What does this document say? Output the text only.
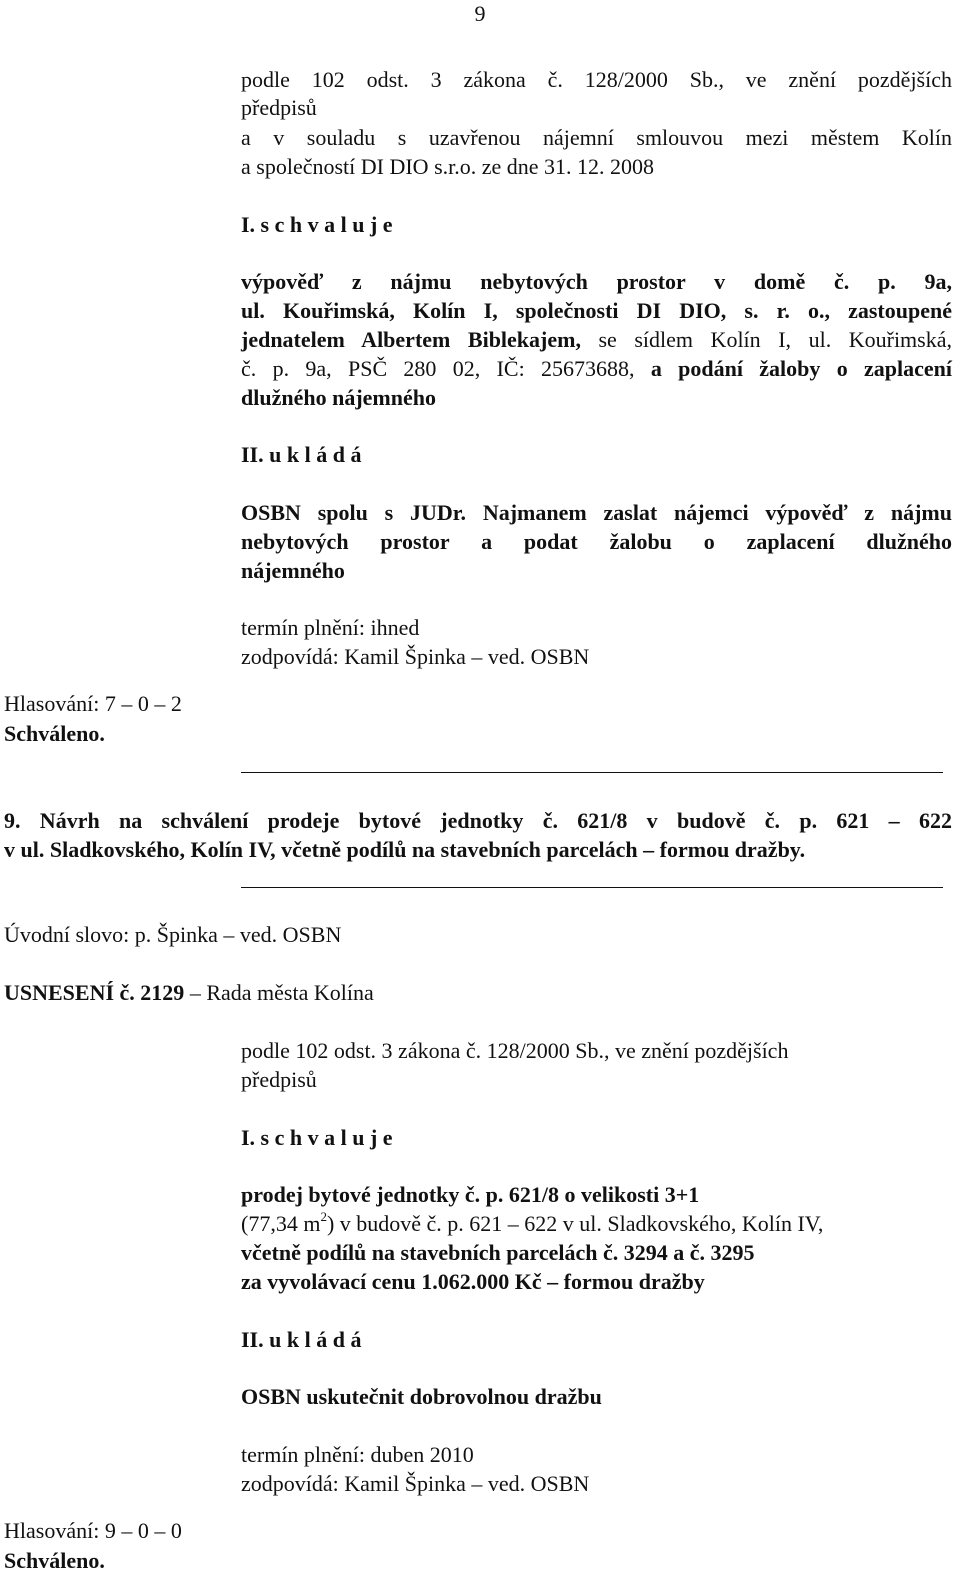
9
podle 102 odst. 3 zákona č. 128/2000 Sb., ve znění pozdějších
předpisů
a v souladu s uzavřenou nájemní smlouvou mezi městem Kolín
a společností DI DIO s.r.o. ze dne 31. 12. 2008
I. s c h v a l u j e
výpověď z nájmu nebytových prostor v domě č. p. 9a,
ul. Kouřimská, Kolín I, společnosti DI DIO, s. r. o., zastoupené
jednatelem Albertem Biblekajem, se sídlem Kolín I, ul. Kouřimská,
č. p. 9a, PSČ 280 02, IČ: 25673688, a podání žaloby o zaplacení
dlužného nájemného
II. u k l á d á
OSBN spolu s JUDr. Najmanem zaslat nájemci výpověď z nájmu
nebytových prostor a podat žalobu o zaplacení dlužného
nájemného
termín plnění: ihned
zodpovídá: Kamil Špinka – ved. OSBN
Hlasování: 7 – 0 – 2
Schváleno.
9. Návrh na schválení prodeje bytové jednotky č. 621/8 v budově č. p. 621 – 622
v ul. Sladkovského, Kolín IV, včetně podílů na stavebních parcelách – formou dražby.
Úvodní slovo: p. Špinka – ved. OSBN
USNESENÍ č. 2129 – Rada města Kolína
podle 102 odst. 3 zákona č. 128/2000 Sb., ve znění pozdějších
předpisů
I. s c h v a l u j e
prodej bytové jednotky č. p. 621/8 o velikosti 3+1
(77,34 $m^2$) v budově č. p. 621 – 622 v ul. Sladkovského, Kolín IV,
včetně podílů na stavebních parcelách č. 3294 a č. 3295
za vyvolávací cenu 1.062.000 Kč – formou dražby
II. u k l á d á
OSBN uskutečnit dobrovolnou dražbu
termín plnění: duben 2010
zodpovídá: Kamil Špinka – ved. OSBN
Hlasování: 9 – 0 – 0
Schváleno.
